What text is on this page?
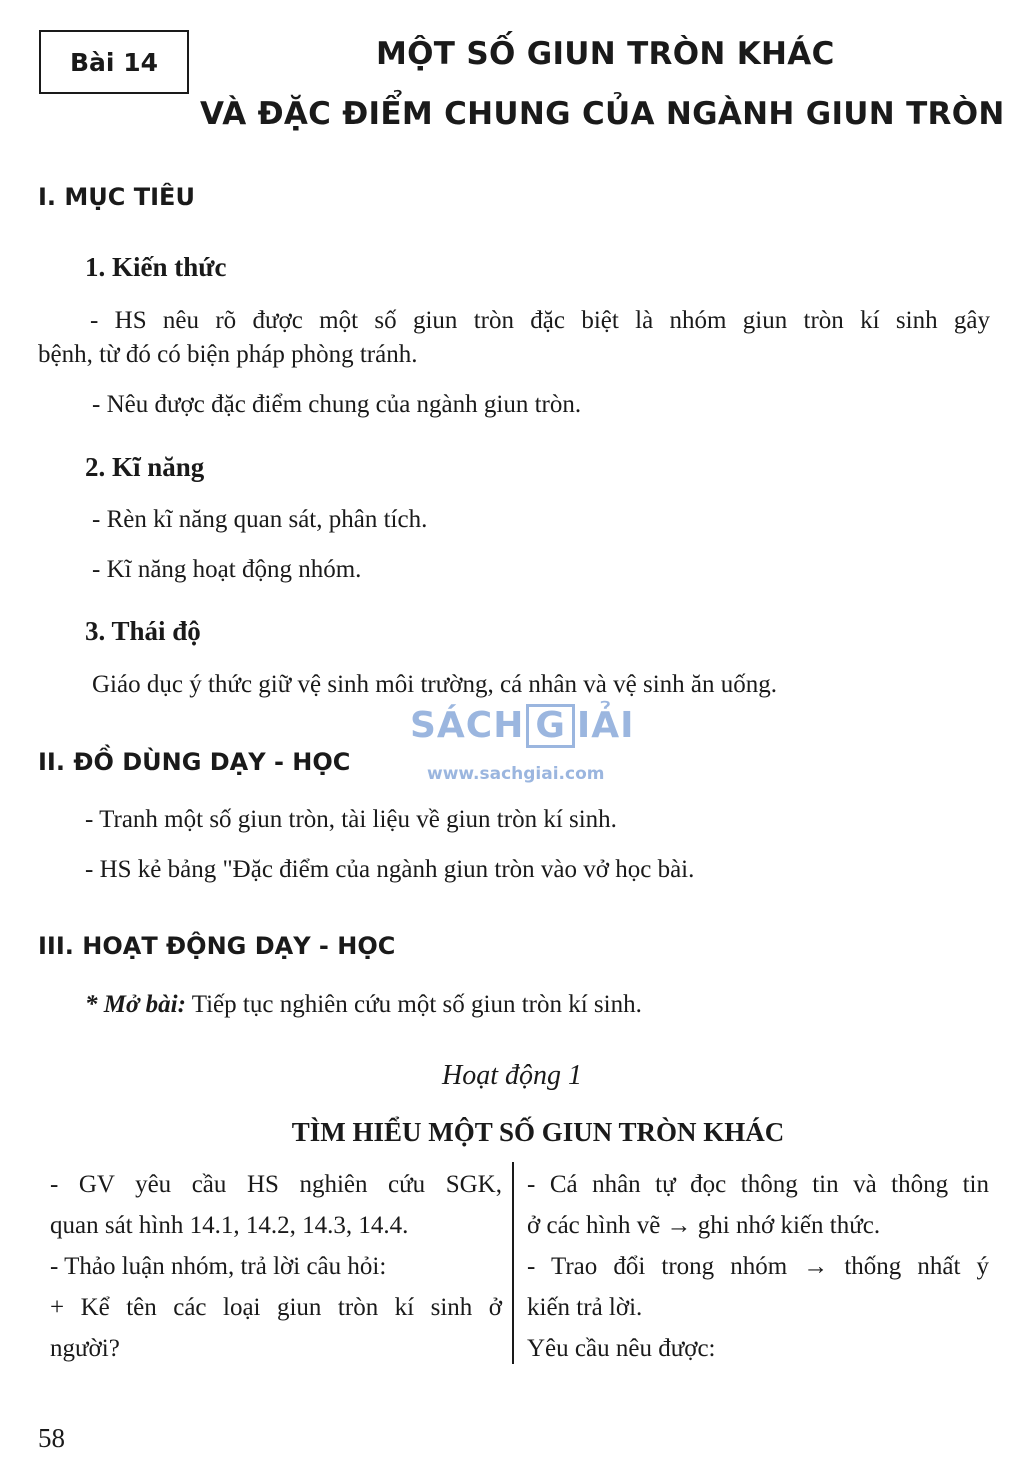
Bài 14	MỘT SỐ GIUN TRÒN KHÁC
VÀ ĐẶC ĐIỂM CHUNG CỦA NGÀNH GIUN TRÒN
I. MỤC TIÊU
1. Kiến thức
- HS nêu rõ được một số giun tròn đặc biệt là nhóm giun tròn kí sinh gây
bệnh, từ đó có biện pháp phòng tránh.
- Nêu được đặc điểm chung của ngành giun tròn.
2. Kĩ năng
- Rèn kĩ năng quan sát, phân tích.
- Kĩ năng hoạt động nhóm.
3. Thái độ
Giáo dục ý thức giữ vệ sinh môi trường, cá nhân và vệ sinh ăn uống.
SÁCH G IẢI
www.sachgiai.com
II. ĐỒ DÙNG DẠY - HỌC
- Tranh một số giun tròn, tài liệu về giun tròn kí sinh.
- HS kẻ bảng "Đặc điểm của ngành giun tròn vào vở học bài.
III. HOẠT ĐỘNG DẠY - HỌC
* Mở bài: Tiếp tục nghiên cứu một số giun tròn kí sinh.
Hoạt động 1
TÌM HIỂU MỘT SỐ GIUN TRÒN KHÁC
- GV yêu cầu HS nghiên cứu SGK,
quan sát hình 14.1, 14.2, 14.3, 14.4.
- Thảo luận nhóm, trả lời câu hỏi:
+ Kể tên các loại giun tròn kí sinh ở
người?
- Cá nhân tự đọc thông tin và thông tin
ở các hình vẽ → ghi nhớ kiến thức.
- Trao đổi trong nhóm → thống nhất ý
kiến trả lời.
Yêu cầu nêu được:
58
